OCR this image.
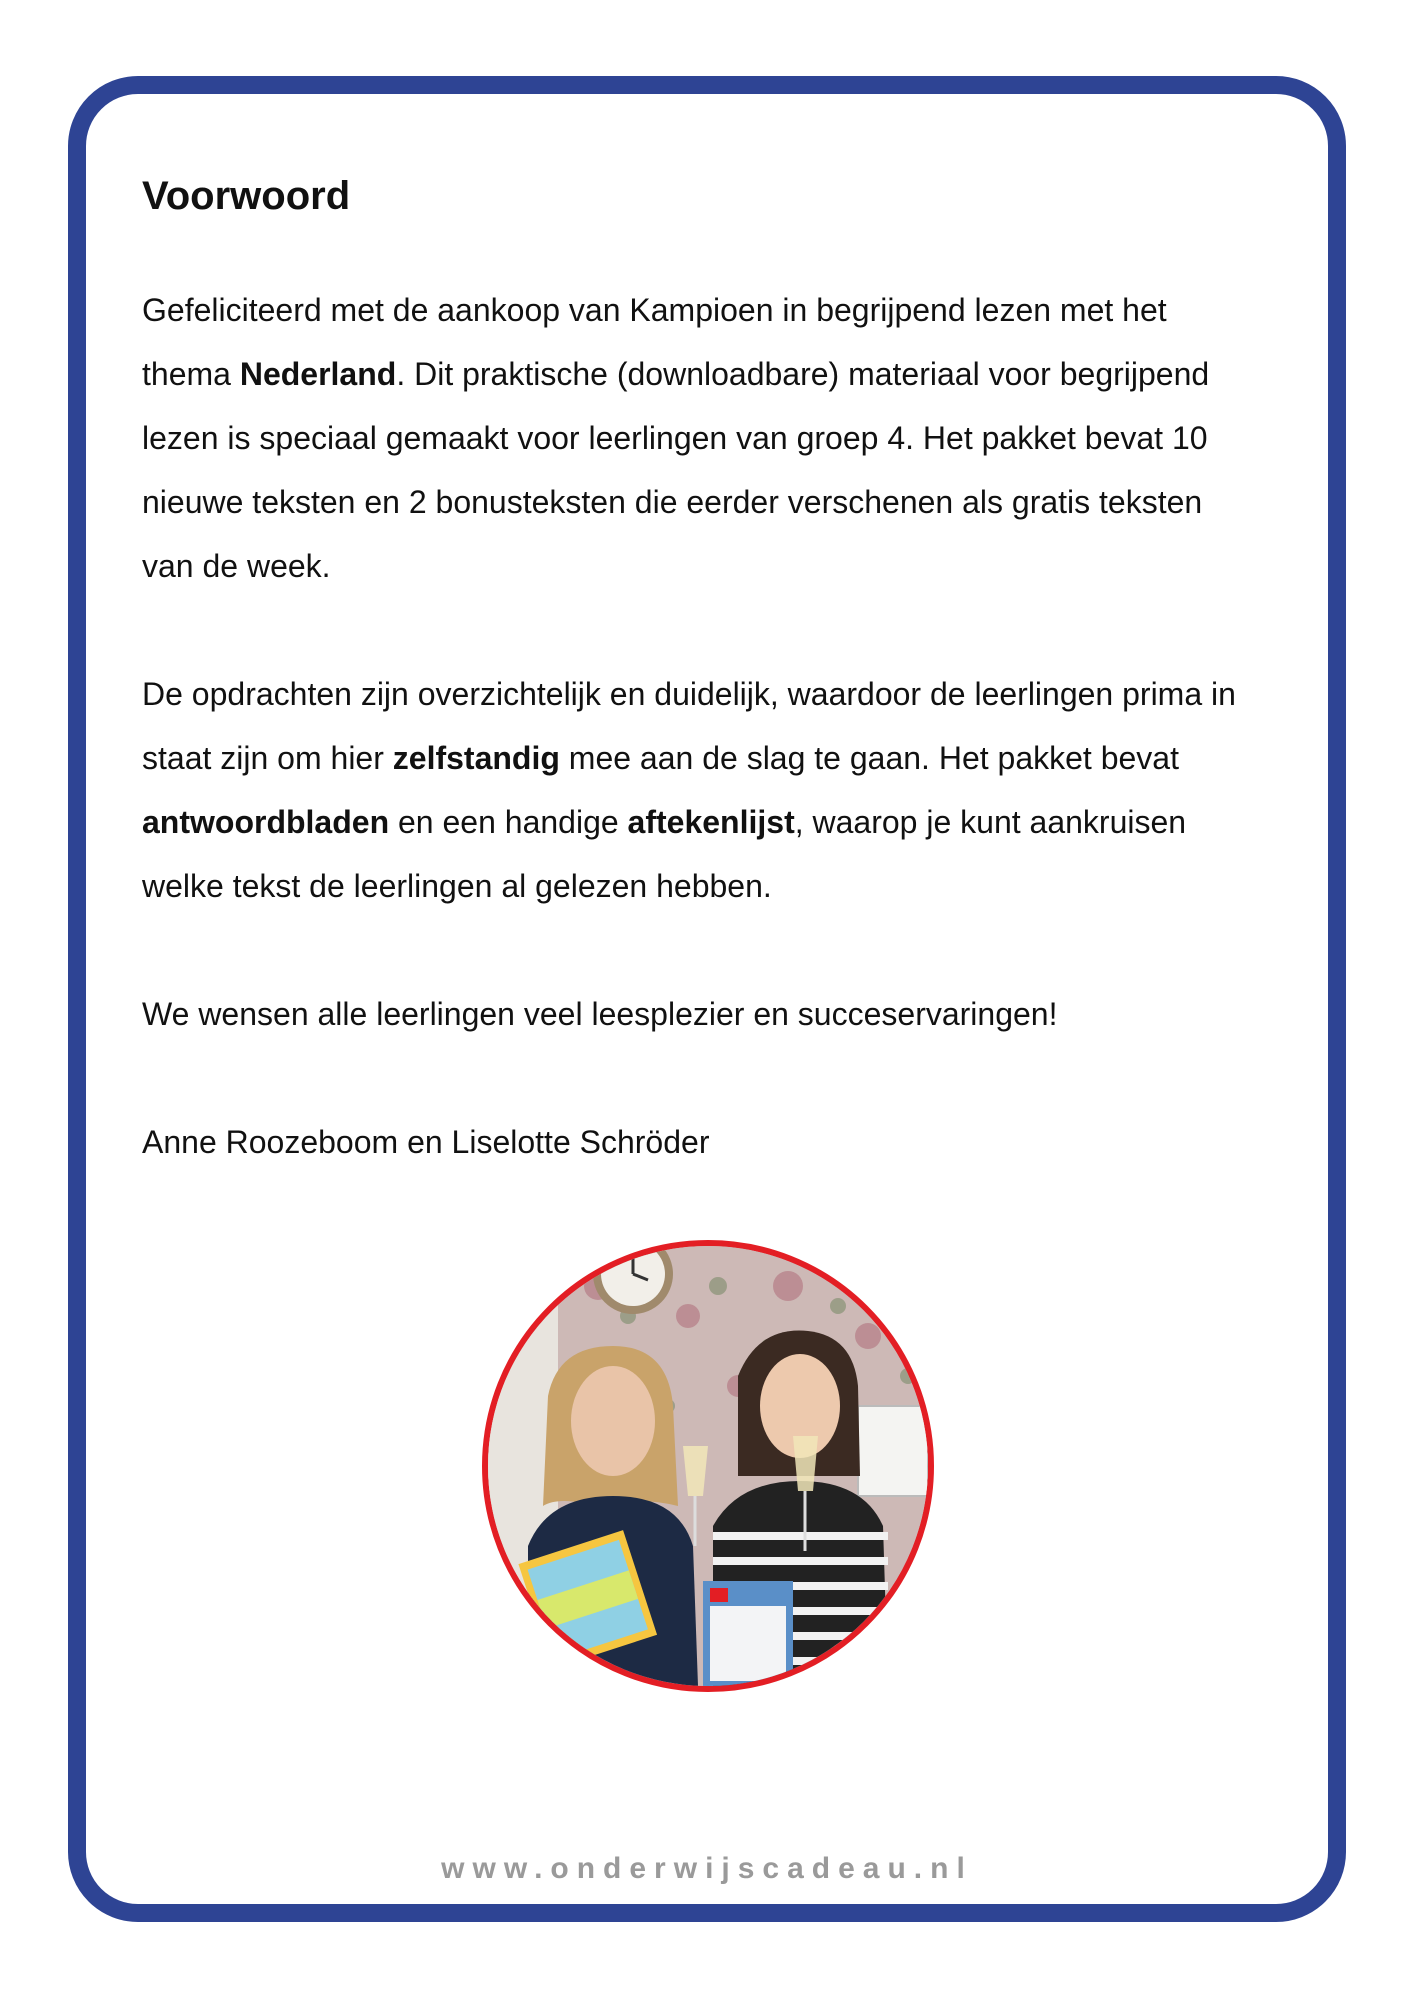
Voorwoord

Gefeliciteerd met de aankoop van Kampioen in begrijpend lezen met het thema Nederland. Dit praktische (downloadbare) materiaal voor begrijpend lezen is speciaal gemaakt voor leerlingen van groep 4. Het pakket bevat 10 nieuwe teksten en 2 bonusteksten die eerder verschenen als gratis teksten van de week.

De opdrachten zijn overzichtelijk en duidelijk, waardoor de leerlingen prima in staat zijn om hier zelfstandig mee aan de slag te gaan. Het pakket bevat antwoordbladen en een handige aftekenlijst, waarop je kunt aankruisen welke tekst de leerlingen al gelezen hebben.

We wensen alle leerlingen veel leesplezier en succeservaringen!

Anne Roozeboom en Liselotte Schröder

www.onderwijscadeau.nl
